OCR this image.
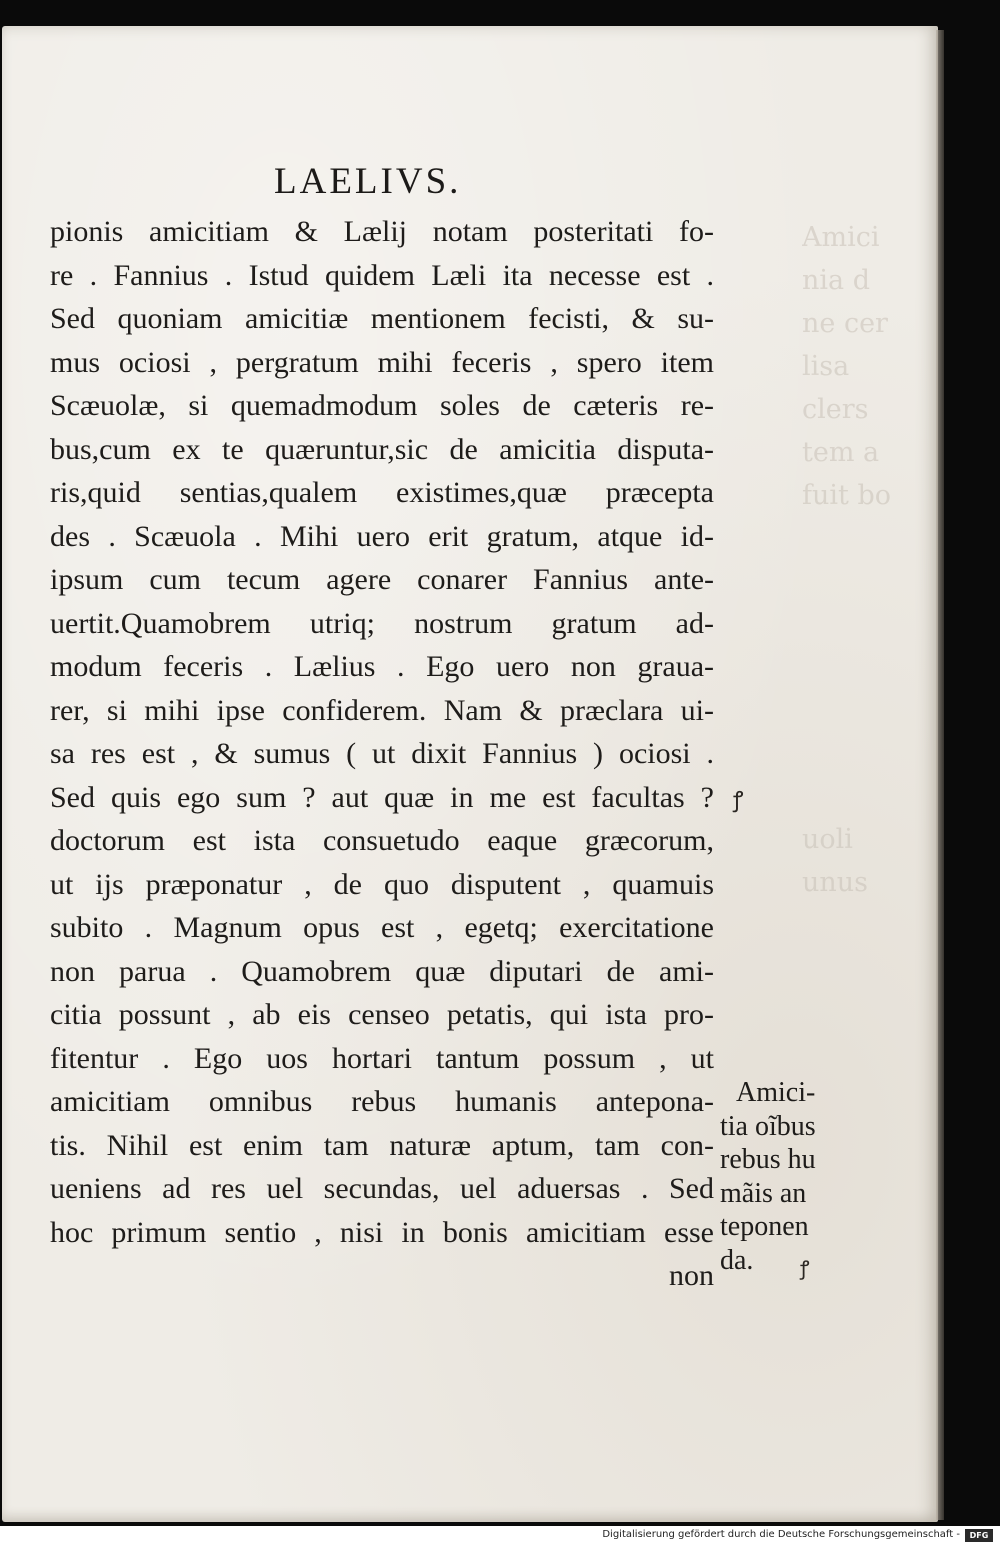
Amici
nia d
ne cer
lisa
clers
tem a
fuit bo

uoli
unus
LAELIVS.
pionis amicitiam & Lælij notam posteritati fo-
re . Fannius . Istud quidem Læli ita necesse est .
Sed quoniam amicitiæ mentionem fecisti, & su-
mus ociosi , pergratum mihi feceris , spero item
Scæuolæ, si quemadmodum soles de cæteris re-
bus,cum ex te quæruntur,sic de amicitia disputa-
ris,quid sentias,qualem existimes,quæ præcepta
des . Scæuola . Mihi uero erit gratum, atque id-
ipsum cum tecum agere conarer Fannius ante-
uertit.Quamobrem utriq; nostrum gratum ad-
modum feceris . Lælius . Ego uero non grauа-
rer, si mihi ipse confiderem. Nam & præclara ui-
sa res est , & sumus ( ut dixit Fannius ) ociosi .
Sed quis ego sum ? aut quæ in me est facultas ?
doctorum est ista consuetudo eaque græcorum,
ut ijs præponatur , de quo disputent , quamuis
subito . Magnum opus est , egetq; exercitatione
non parua . Quamobrem quæ diputari de ami-
citia possunt , ab eis censeo petatis, qui ista pro-
fitentur . Ego uos hortari tantum possum , ut
amicitiam omnibus rebus humanis antepona-
tis. Nihil est enim tam naturæ aptum, tam con-
ueniens ad res uel secundas, uel aduersas . Sed
hoc primum sentio , nisi in bonis amicitiam esse
non
Amici-
tia oĩbus
rebus hu
mãis an
teponen
da.
ꝭ
ꝭ
Digitalisierung gefördert durch die Deutsche Forschungsgemeinschaft -	DFG
